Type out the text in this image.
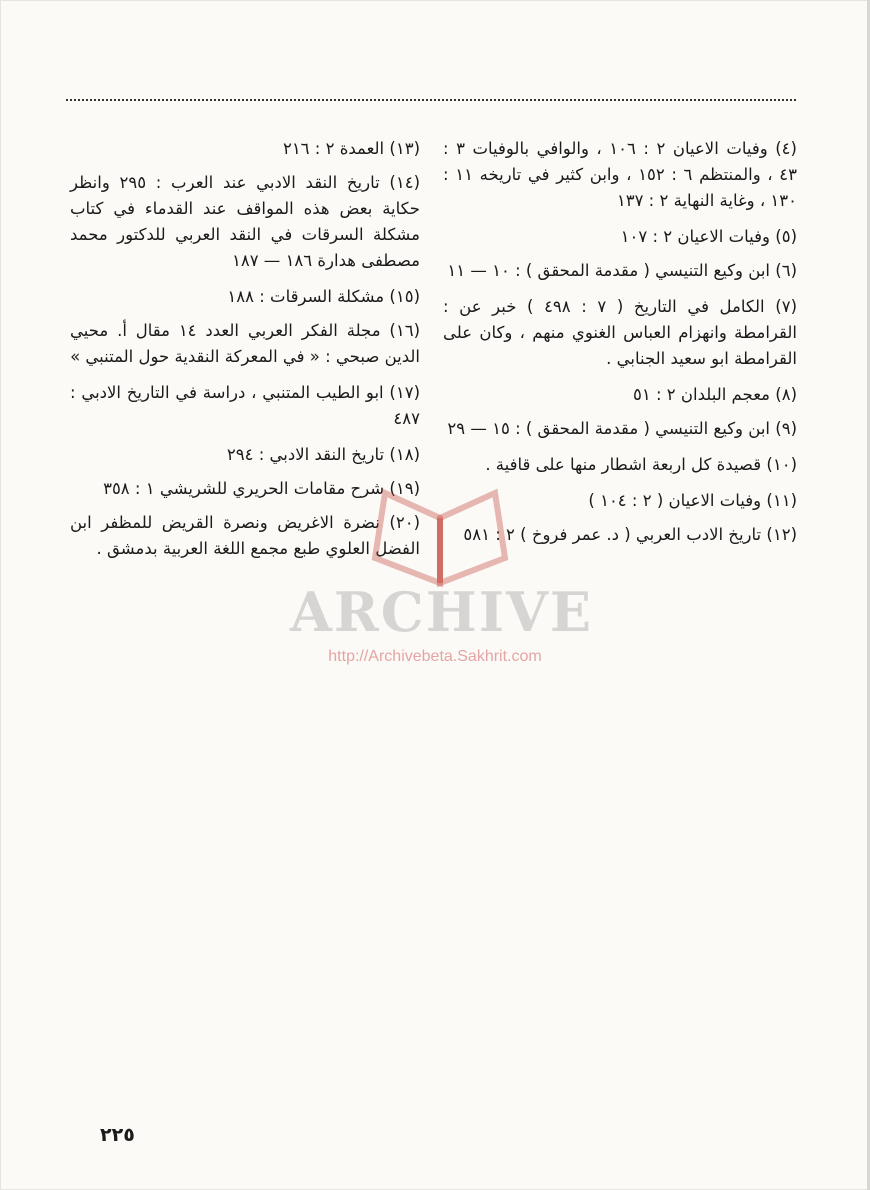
(٤) وفيات الاعيان ٢ : ١٠٦ ، والوافي بالوفيات ٣ : ٤٣ ، والمنتظم ٦ : ١٥٢ ، وابن كثير في تاريخه ١١ : ١٣٠ ، وغاية النهاية ٢ : ١٣٧

(٥) وفيات الاعيان ٢ : ١٠٧

(٦) ابن وكيع التنيسي ( مقدمة المحقق ) : ١٠ — ١١

(٧) الكامل في التاريخ ( ٧ : ٤٩٨ ) خبر عن : القرامطة وانهزام العباس الغنوي منهم ، وكان على القرامطة ابو سعيد الجنابي .

(٨) معجم البلدان ٢ : ٥١

(٩) ابن وكيع التنيسي ( مقدمة المحقق ) : ١٥ — ٢٩

(١٠) قصيدة كل اربعة اشطار منها على قافية .

(١١) وفيات الاعيان ( ٢ : ١٠٤ )

(١٢) تاريخ الادب العربي ( د. عمر فروخ ) ٢ : ٥٨١

(١٣) العمدة ٢ : ٢١٦

(١٤) تاريخ النقد الادبي عند العرب : ٢٩٥ وانظر حكاية بعض هذه المواقف عند القدماء في كتاب مشكلة السرقات في النقد العربي للدكتور محمد مصطفى هدارة ١٨٦ — ١٨٧

(١٥) مشكلة السرقات : ١٨٨

(١٦) مجلة الفكر العربي العدد ١٤ مقال أ. محيي الدين صبحي : « في المعركة النقدية حول المتنبي »

(١٧) ابو الطيب المتنبي ، دراسة في التاريخ الادبي : ٤٨٧

(١٨) تاريخ النقد الادبي : ٢٩٤

(١٩) شرح مقامات الحريري للشريشي ١ : ٣٥٨

(٢٠) نضرة الاغريض ونصرة القريض للمظفر ابن الفضل العلوي طبع مجمع اللغة العربية بدمشق .

ARCHIVE
http://Archivebeta.Sakhrit.com
٢٢٥
